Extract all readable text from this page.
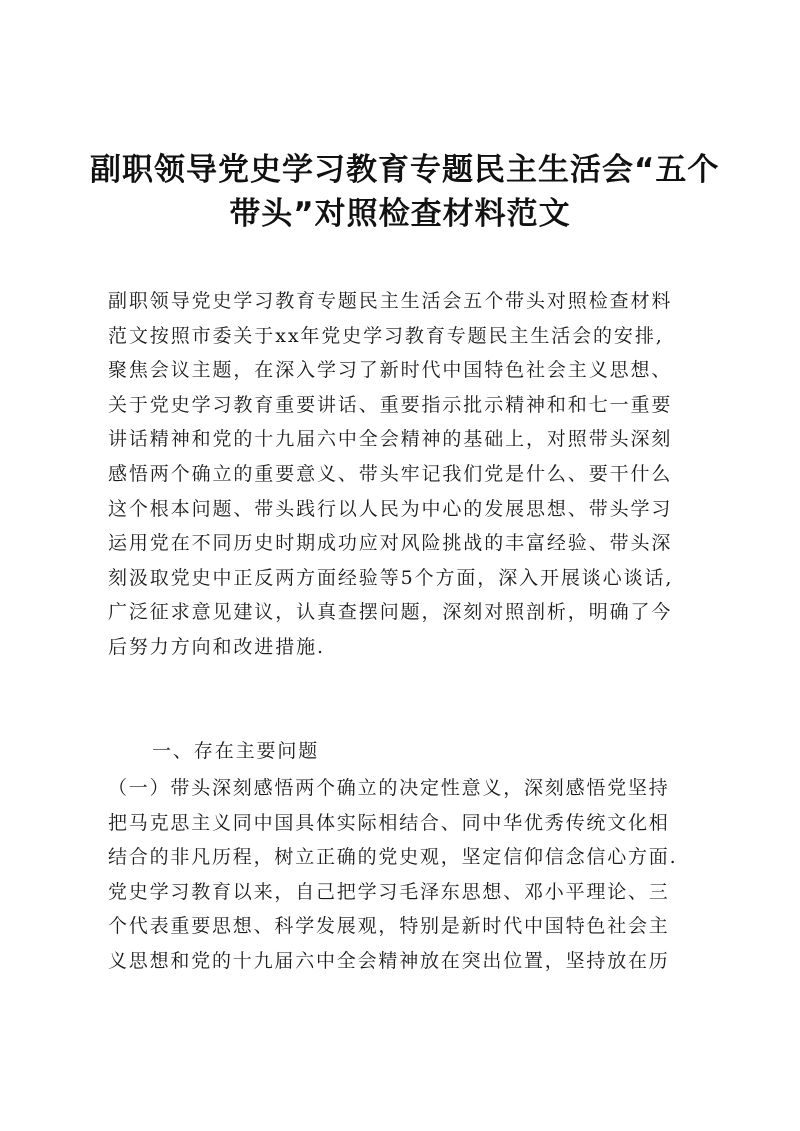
副职领导党史学习教育专题民主生活会“五个
带头”对照检查材料范文
副职领导党史学习教育专题民主生活会五个带头对照检查材料
范文按照市委关于xx年党史学习教育专题民主生活会的安排,
聚焦会议主题，在深入学习了新时代中国特色社会主义思想、
关于党史学习教育重要讲话、重要指示批示精神和和七一重要
讲话精神和党的十九届六中全会精神的基础上，对照带头深刻
感悟两个确立的重要意义、带头牢记我们党是什么、要干什么
这个根本问题、带头践行以人民为中心的发展思想、带头学习
运用党在不同历史时期成功应对风险挑战的丰富经验、带头深
刻汲取党史中正反两方面经验等5个方面，深入开展谈心谈话,
广泛征求意见建议，认真查摆问题，深刻对照剖析，明确了今
后努力方向和改进措施.
一、存在主要问题
（一）带头深刻感悟两个确立的决定性意义，深刻感悟党坚持
把马克思主义同中国具体实际相结合、同中华优秀传统文化相
结合的非凡历程，树立正确的党史观，坚定信仰信念信心方面.
党史学习教育以来，自己把学习毛泽东思想、邓小平理论、三
个代表重要思想、科学发展观，特别是新时代中国特色社会主
义思想和党的十九届六中全会精神放在突出位置，坚持放在历
